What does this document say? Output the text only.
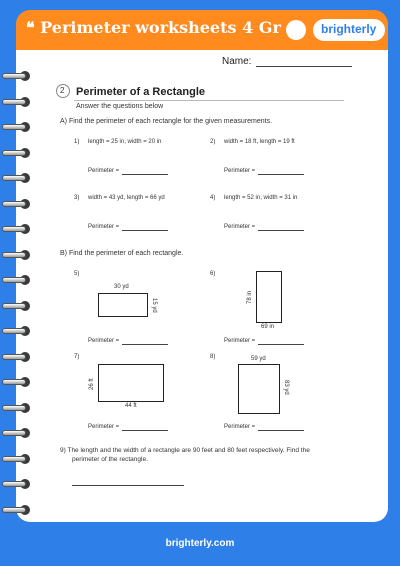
❝ Perimeter worksheets 4 Gr	brighterly
Name:
2 Perimeter of a Rectangle
Answer the questions below
A) Find the perimeter of each rectangle for the given measurements.
1) length = 25 in, width = 20 in
Perimeter =
2) width = 18 ft, length = 19 ft
Perimeter =
3) width = 43 yd, length = 66 yd
Perimeter =
4) length = 52 in, width = 31 in
Perimeter =
B) Find the perimeter of each rectangle.
5)
30 yd
15 yd
Perimeter =
6)
78 in
69 in
Perimeter =
7)
26 ft
44 ft
Perimeter =
8)	59 yd
83 yd
Perimeter =
9) The length and the width of a rectangle are 90 feet and 80 feet respectively. Find the
perimeter of the rectangle.
brighterly.com
